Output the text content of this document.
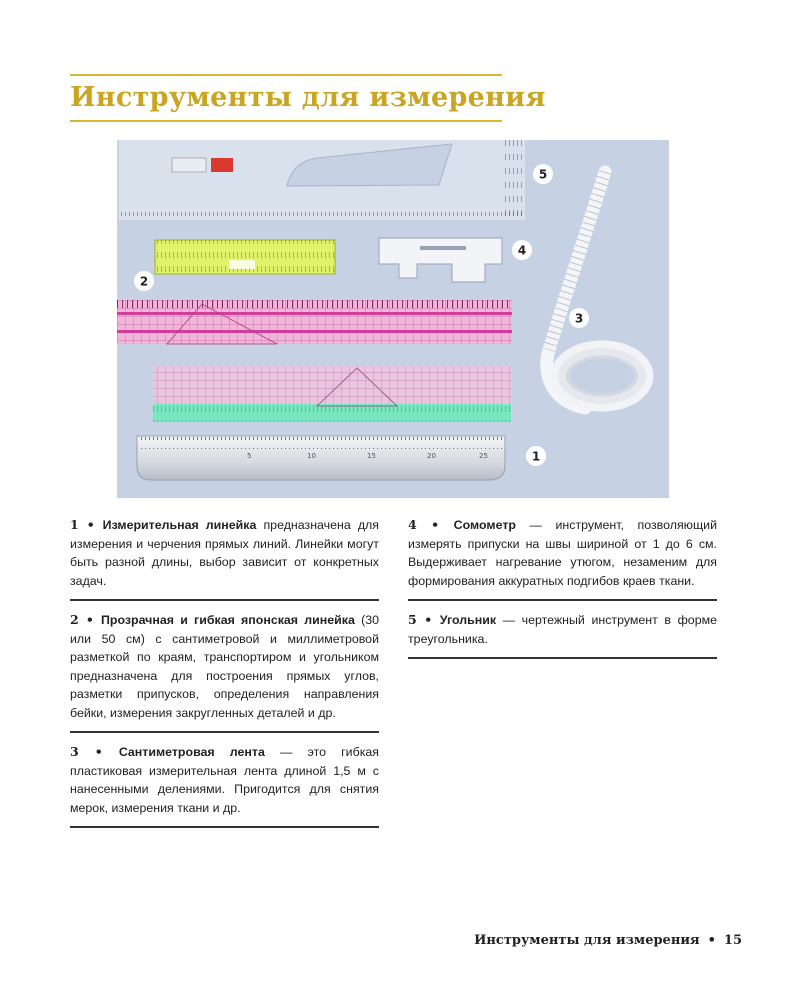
Инструменты для измерения
5	10	15	20	25
5
4
2
3
1

1 • Измерительная линейка предназначена для измерения и черчения прямых линий. Линейки могут быть разной длины, выбор зависит от конкретных задач.

2 • Прозрачная и гибкая японская линейка (30 или 50 см) с сантиметровой и миллиметровой разметкой по краям, транспортиром и угольником предназначена для построения прямых углов, разметки припусков, определения направления бейки, измерения закругленных деталей и др.

3 • Сантиметровая лента — это гибкая пластиковая измерительная лента длиной 1,5 м с нанесенными делениями. Пригодится для снятия мерок, измерения ткани и др.

4 • Сомометр — инструмент, позволяющий измерять припуски на швы шириной от 1 до 6 см. Выдерживает нагревание утюгом, незаменим для формирования аккуратных подгибов краев ткани.

5 • Угольник — чертежный инструмент в форме треугольника.

Инструменты для измерения • 15
